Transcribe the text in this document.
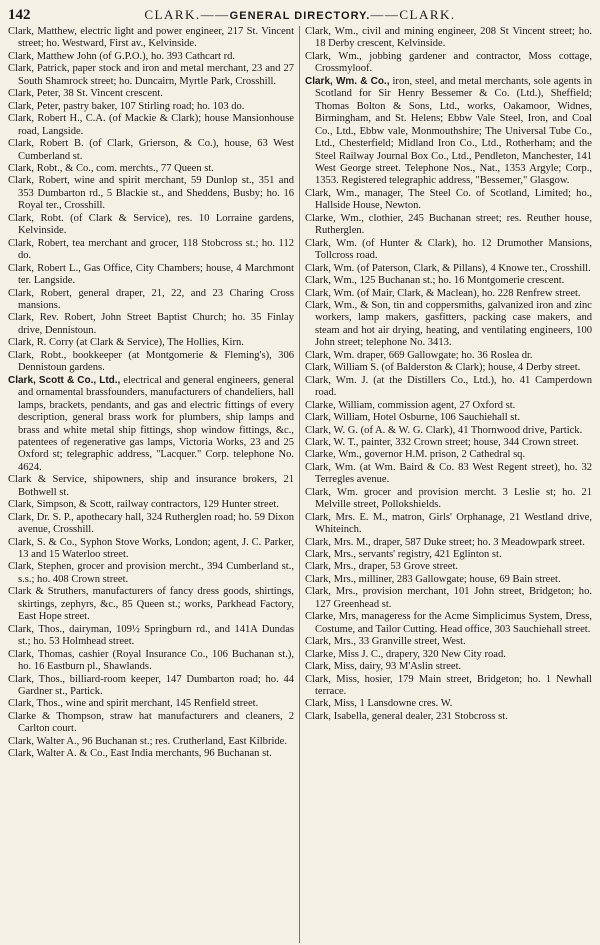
142	CLARK.——GENERAL DIRECTORY.——CLARK.

Clark, Matthew, electric light and power engineer, 217 St. Vincent street; ho. Westward, First av., Kelvinside.

Clark, Matthew John (of G.P.O.), ho. 393 Cathcart rd.

Clark, Patrick, paper stock and iron and metal merchant, 23 and 27 South Shamrock street; ho. Duncairn, Myrtle Park, Crosshill.

Clark, Peter, 38 St. Vincent crescent.

Clark, Peter, pastry baker, 107 Stirling road; ho. 103 do.

Clark, Robert H., C.A. (of Mackie & Clark); house Mansionhouse road, Langside.

Clark, Robert B. (of Clark, Grierson, & Co.), house, 63 West Cumberland st.

Clark, Robt., & Co., com. merchts., 77 Queen st.

Clark, Robert, wine and spirit merchant, 59 Dunlop st., 351 and 353 Dumbarton rd., 5 Blackie st., and Sheddens, Busby; ho. 16 Royal ter., Crosshill.

Clark, Robt. (of Clark & Service), res. 10 Lorraine gardens, Kelvinside.

Clark, Robert, tea merchant and grocer, 118 Stobcross st.; ho. 112 do.

Clark, Robert L., Gas Office, City Chambers; house, 4 Marchmont ter. Langside.

Clark, Robert, general draper, 21, 22, and 23 Charing Cross mansions.

Clark, Rev. Robert, John Street Baptist Church; ho. 35 Finlay drive, Dennistoun.

Clark, R. Corry (at Clark & Service), The Hollies, Kirn.

Clark, Robt., bookkeeper (at Montgomerie & Fleming's), 306 Dennistoun gardens.

Clark, Scott & Co., Ltd., electrical and general engineers, general and ornamental brassfounders, manufacturers of chandeliers, hall lamps, brackets, pendants, and gas and electric fittings of every description, general brass work for plumbers, ship lamps and brass and white metal ship fittings, shop window fittings, &c., patentees of regenerative gas lamps, Victoria Works, 23 and 25 Oxford st; telegraphic address, "Lacquer." Corp. telephone No. 4624.

Clark & Service, shipowners, ship and insurance brokers, 21 Bothwell st.

Clark, Simpson, & Scott, railway contractors, 129 Hunter street.

Clark, Dr. S. P., apothecary hall, 324 Rutherglen road; ho. 59 Dixon avenue, Crosshill.

Clark, S. & Co., Syphon Stove Works, London; agent, J. C. Parker, 13 and 15 Waterloo street.

Clark, Stephen, grocer and provision mercht., 394 Cumberland st., s.s.; ho. 408 Crown street.

Clark & Struthers, manufacturers of fancy dress goods, shirtings, skirtings, zephyrs, &c., 85 Queen st.; works, Parkhead Factory, East Hope street.

Clark, Thos., dairyman, 109½ Springburn rd., and 141A Dundas st.; ho. 53 Holmhead street.

Clark, Thomas, cashier (Royal Insurance Co., 106 Buchanan st.), ho. 16 Eastburn pl., Shawlands.

Clark, Thos., billiard-room keeper, 147 Dumbarton road; ho. 44 Gardner st., Partick.

Clark, Thos., wine and spirit merchant, 145 Renfield street.

Clarke & Thompson, straw hat manufacturers and cleaners, 2 Carlton court.

Clark, Walter A., 96 Buchanan st.; res. Crutherland, East Kilbride.

Clark, Walter A. & Co., East India merchants, 96 Buchanan st.

Clark, Wm., civil and mining engineer, 208 St Vincent street; ho. 18 Derby crescent, Kelvinside.

Clark, Wm., jobbing gardener and contractor, Moss cottage, Crossmyloof.

Clark, Wm. & Co., iron, steel, and metal merchants, sole agents in Scotland for Sir Henry Bessemer & Co. (Ltd.), Sheffield; Thomas Bolton & Sons, Ltd., works, Oakamoor, Widnes, Birmingham, and St. Helens; Ebbw Vale Steel, Iron, and Coal Co., Ltd., Ebbw vale, Monmouthshire; The Universal Tube Co., Ltd., Chesterfield; Midland Iron Co., Ltd., Rotherham; and the Steel Railway Journal Box Co., Ltd., Pendleton, Manchester, 141 West George street. Telephone Nos., Nat., 1353 Argyle; Corp., 1353. Registered telegraphic address, "Bessemer," Glasgow.

Clark, Wm., manager, The Steel Co. of Scotland, Limited; ho., Hallside House, Newton.

Clarke, Wm., clothier, 245 Buchanan street; res. Reuther house, Rutherglen.

Clark, Wm. (of Hunter & Clark), ho. 12 Drumother Mansions, Tollcross road.

Clark, Wm. (of Paterson, Clark, & Pillans), 4 Knowe ter., Crosshill.

Clark, Wm., 125 Buchanan st.; ho. 16 Montgomerie crescent.

Clark, Wm. (of Mair, Clark, & Maclean), ho. 228 Renfrew street.

Clark, Wm., & Son, tin and coppersmiths, galvanized iron and zinc workers, lamp makers, gasfitters, packing case makers, and steam and hot air drying, heating, and ventilating engineers, 100 John street; telephone No. 3413.

Clark, Wm. draper, 669 Gallowgate; ho. 36 Roslea dr.

Clark, William S. (of Balderston & Clark); house, 4 Derby street.

Clark, Wm. J. (at the Distillers Co., Ltd.), ho. 41 Camperdown road.

Clarke, William, commission agent, 27 Oxford st.

Clark, William, Hotel Osburne, 106 Sauchiehall st.

Clark, W. G. (of A. & W. G. Clark), 41 Thornwood drive, Partick.

Clark, W. T., painter, 332 Crown street; house, 344 Crown street.

Clarke, Wm., governor H.M. prison, 2 Cathedral sq.

Clark, Wm. (at Wm. Baird & Co. 83 West Regent street), ho. 32 Terregles avenue.

Clark, Wm. grocer and provision mercht. 3 Leslie st; ho. 21 Melville street, Pollokshields.

Clark, Mrs. E. M., matron, Girls' Orphanage, 21 Westland drive, Whiteinch.

Clark, Mrs. M., draper, 587 Duke street; ho. 3 Meadowpark street.

Clark, Mrs., servants' registry, 421 Eglinton st.

Clark, Mrs., draper, 53 Grove street.

Clark, Mrs., milliner, 283 Gallowgate; house, 69 Bain street.

Clark, Mrs., provision merchant, 101 John street, Bridgeton; ho. 127 Greenhead st.

Clarke, Mrs, manageress for the Acme Simplicimus System, Dress, Costume, and Tailor Cutting. Head office, 303 Sauchiehall street.

Clark, Mrs., 33 Granville street, West.

Clarke, Miss J. C., drapery, 320 New City road.

Clark, Miss, dairy, 93 M'Aslin street.

Clark, Miss, hosier, 179 Main street, Bridgeton; ho. 1 Newhall terrace.

Clark, Miss, 1 Lansdowne cres. W.

Clark, Isabella, general dealer, 231 Stobcross st.
